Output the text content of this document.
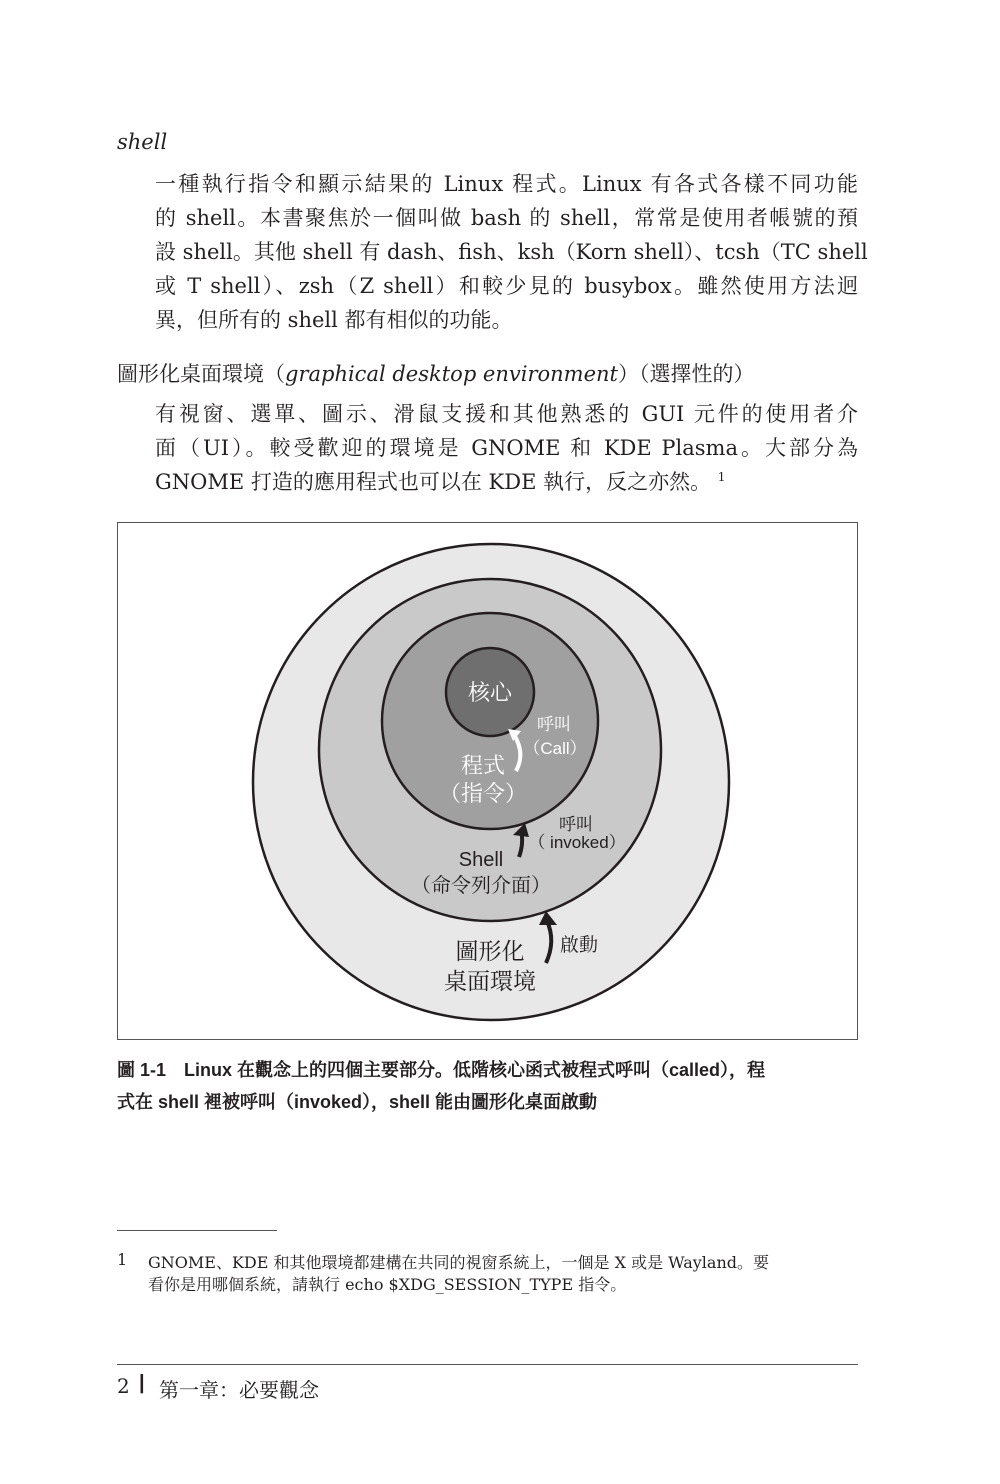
shell
一種執行指令和顯示結果的 Linux 程式。Linux 有各式各樣不同功能
的 shell。本書聚焦於一個叫做 bash 的 shell，常常是使用者帳號的預
設 shell。其他 shell 有 dash、fish、ksh（Korn shell）、tcsh（TC shell
或 T shell）、zsh（Z shell）和較少見的 busybox。雖然使用方法迥
異，但所有的 shell 都有相似的功能。
圖形化桌面環境（graphical desktop environment）（選擇性的）
有視窗、選單、圖示、滑鼠支援和其他熟悉的 GUI 元件的使用者介
面（UI）。較受歡迎的環境是 GNOME 和 KDE Plasma。大部分為
GNOME 打造的應用程式也可以在 KDE 執行，反之亦然。 $^1$
核心
呼叫
（Call）
程式
（指令）
呼叫
（ invoked）
Shell
（命令列介面）
啟動
圖形化
桌面環境
圖 1-1　Linux 在觀念上的四個主要部分。低階核心函式被程式呼叫（called），程
式在 shell 裡被呼叫（invoked），shell 能由圖形化桌面啟動
1 GNOME、KDE 和其他環境都建構在共同的視窗系統上，一個是 X 或是 Wayland。要
看你是用哪個系統，請執行 echo $XDG_SESSION_TYPE 指令。
2 | 第一章：必要觀念
